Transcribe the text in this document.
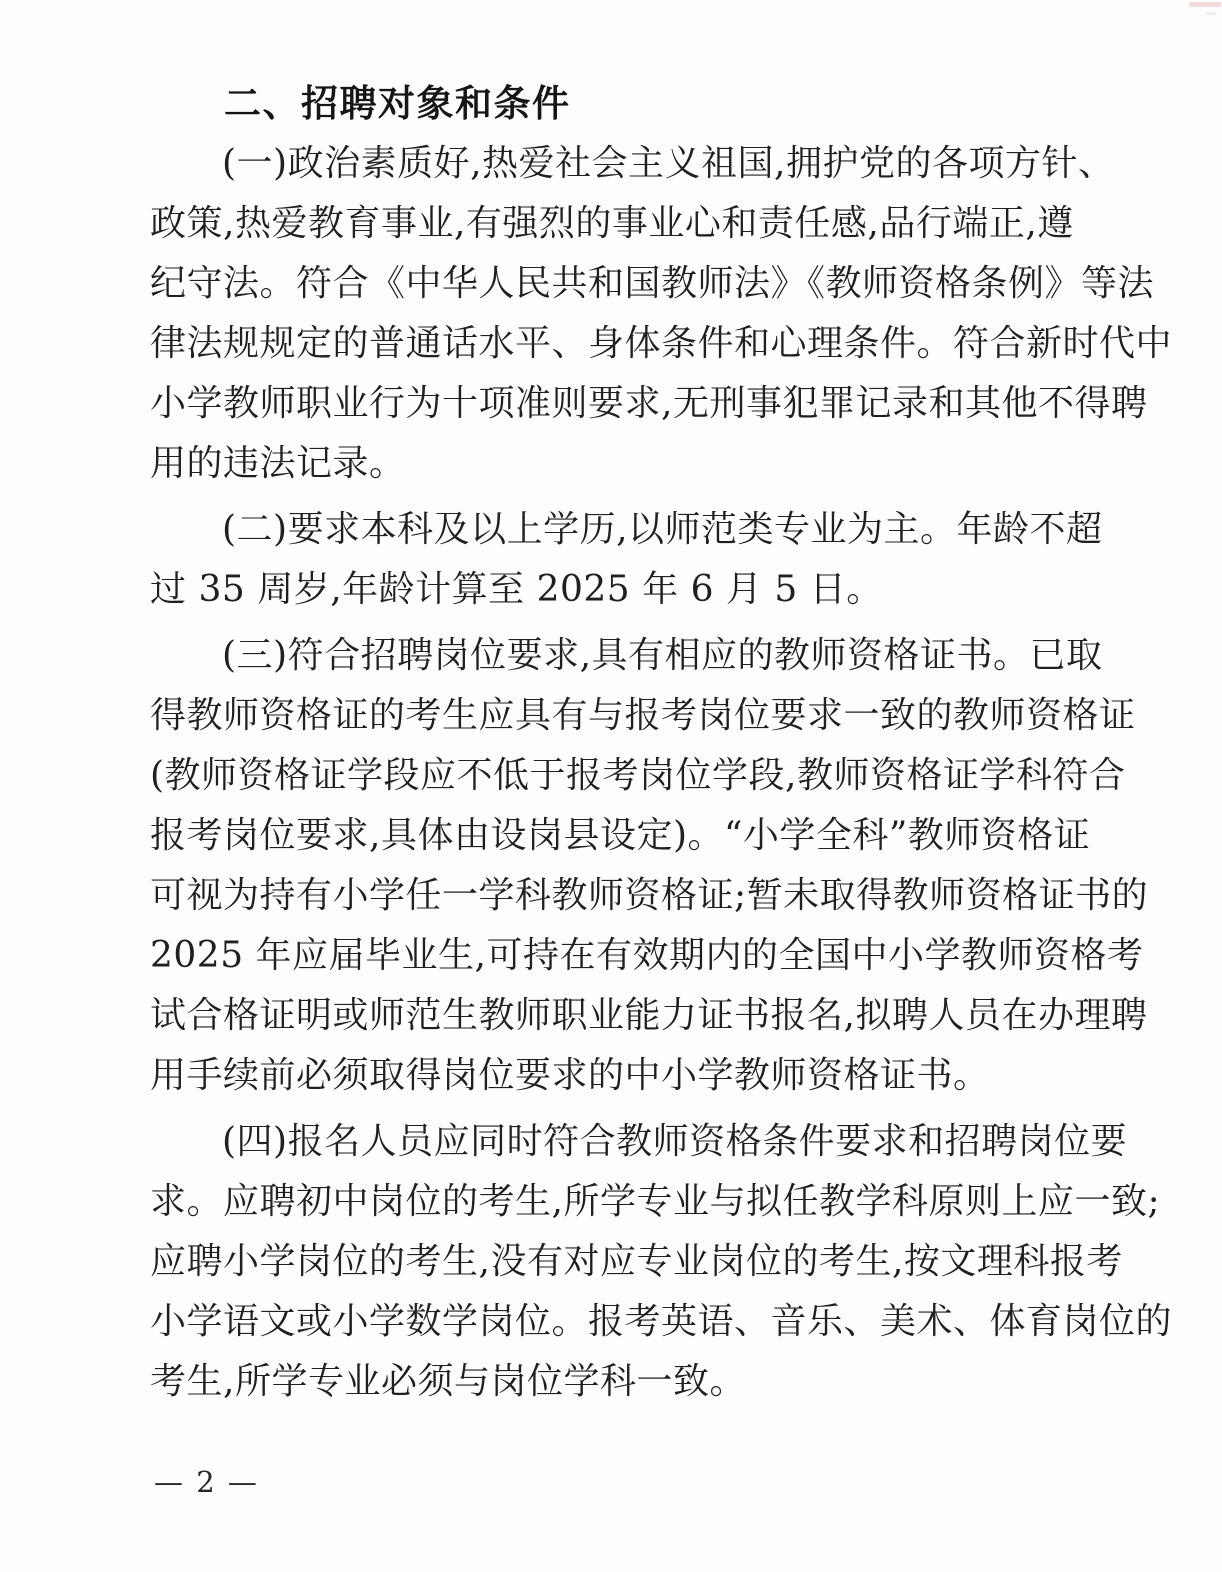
二、招聘对象和条件
(一)政治素质好,热爱社会主义祖国,拥护党的各项方针、
政策,热爱教育事业,有强烈的事业心和责任感,品行端正,遵
纪守法。符合《中华人民共和国教师法》《教师资格条例》等法
律法规规定的普通话水平、身体条件和心理条件。符合新时代中
小学教师职业行为十项准则要求,无刑事犯罪记录和其他不得聘
用的违法记录。
(二)要求本科及以上学历,以师范类专业为主。年龄不超
过 35 周岁,年龄计算至 2025 年 6 月 5 日。
(三)符合招聘岗位要求,具有相应的教师资格证书。已取
得教师资格证的考生应具有与报考岗位要求一致的教师资格证
(教师资格证学段应不低于报考岗位学段,教师资格证学科符合
报考岗位要求,具体由设岗县设定)。“小学全科”教师资格证
可视为持有小学任一学科教师资格证;暂未取得教师资格证书的
2025 年应届毕业生,可持在有效期内的全国中小学教师资格考
试合格证明或师范生教师职业能力证书报名,拟聘人员在办理聘
用手续前必须取得岗位要求的中小学教师资格证书。
(四)报名人员应同时符合教师资格条件要求和招聘岗位要
求。应聘初中岗位的考生,所学专业与拟任教学科原则上应一致;
应聘小学岗位的考生,没有对应专业岗位的考生,按文理科报考
小学语文或小学数学岗位。报考英语、音乐、美术、体育岗位的
考生,所学专业必须与岗位学科一致。
— 2 —
